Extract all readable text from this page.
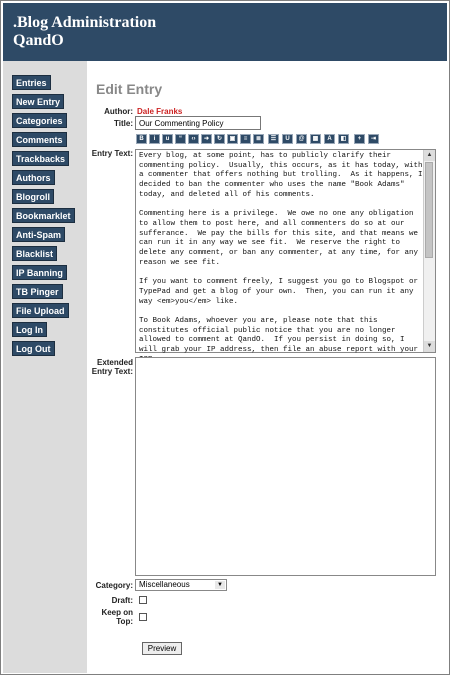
.Blog Administration
QandO
Entries
New Entry
Categories
Comments
Trackbacks
Authors
Blogroll
Bookmarklet
Anti-Spam
Blacklist
IP Banning
TB Pinger
File Upload
Log In
Log Out
Edit Entry
Author: Dale Franks
Title:
Our Commenting Policy
B	i	u	“	‹›	➜	↻	▣	≡	≣	☰	U	@	▦	A	◧	+	⇥
Entry Text: Every blog, at some point, has to publicly clarify their commenting policy.  Usually, this occurs, as it has today, with a commenter that offers nothing but trolling.  As it happens, I decided to ban the commenter who uses the name "Book Adams" today, and deleted all of his comments.

Commenting here is a privilege.  We owe no one any obligation to allow them to post here, and all commenters do so at our sufferance.  We pay the bills for this site, and that means we can run it in any way we see fit.  We reserve the right to delete any comment, or ban any commenter, at any time, for any reason we see fit.

If you want to comment freely, I suggest you go to Blogspot or TypePad and get a blog of your own.  Then, you can run it any way <em>you</em> like.

To Book Adams, whoever you are, please note that this constitutes official public notice that you are no longer allowed to comment at QandO.  If you persist in doing so, I will grab your IP address, then file an abuse report with your
▲
▼
Extended Entry Text:
Category: Miscellaneous	▼
Draft:
Keep on Top:
Preview
